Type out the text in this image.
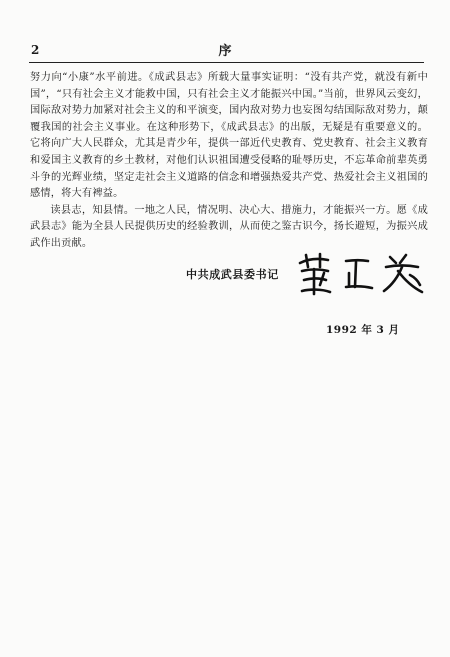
2	序

努力向“小康”水平前进。《成武县志》所载大量事实证明：“没有共产党，就没有新中国”，“只有社会主义才能救中国，只有社会主义才能振兴中国。”当前，世界风云变幻，国际敌对势力加紧对社会主义的和平演变，国内敌对势力也妄图勾结国际敌对势力，颠覆我国的社会主义事业。在这种形势下，《成武县志》的出版，无疑是有重要意义的。它将向广大人民群众，尤其是青少年，提供一部近代史教育、党史教育、社会主义教育和爱国主义教育的乡土教材，对他们认识祖国遭受侵略的耻辱历史，不忘革命前辈英勇斗争的光辉业绩，坚定走社会主义道路的信念和增强热爱共产党、热爱社会主义祖国的感情，将大有裨益。

读县志，知县情。一地之人民，情况明、决心大、措施力，才能振兴一方。愿《成武县志》能为全县人民提供历史的经验教训，从而使之鉴古识今，扬长避短，为振兴成武作出贡献。

中共成武县委书记
1992 年 3 月
